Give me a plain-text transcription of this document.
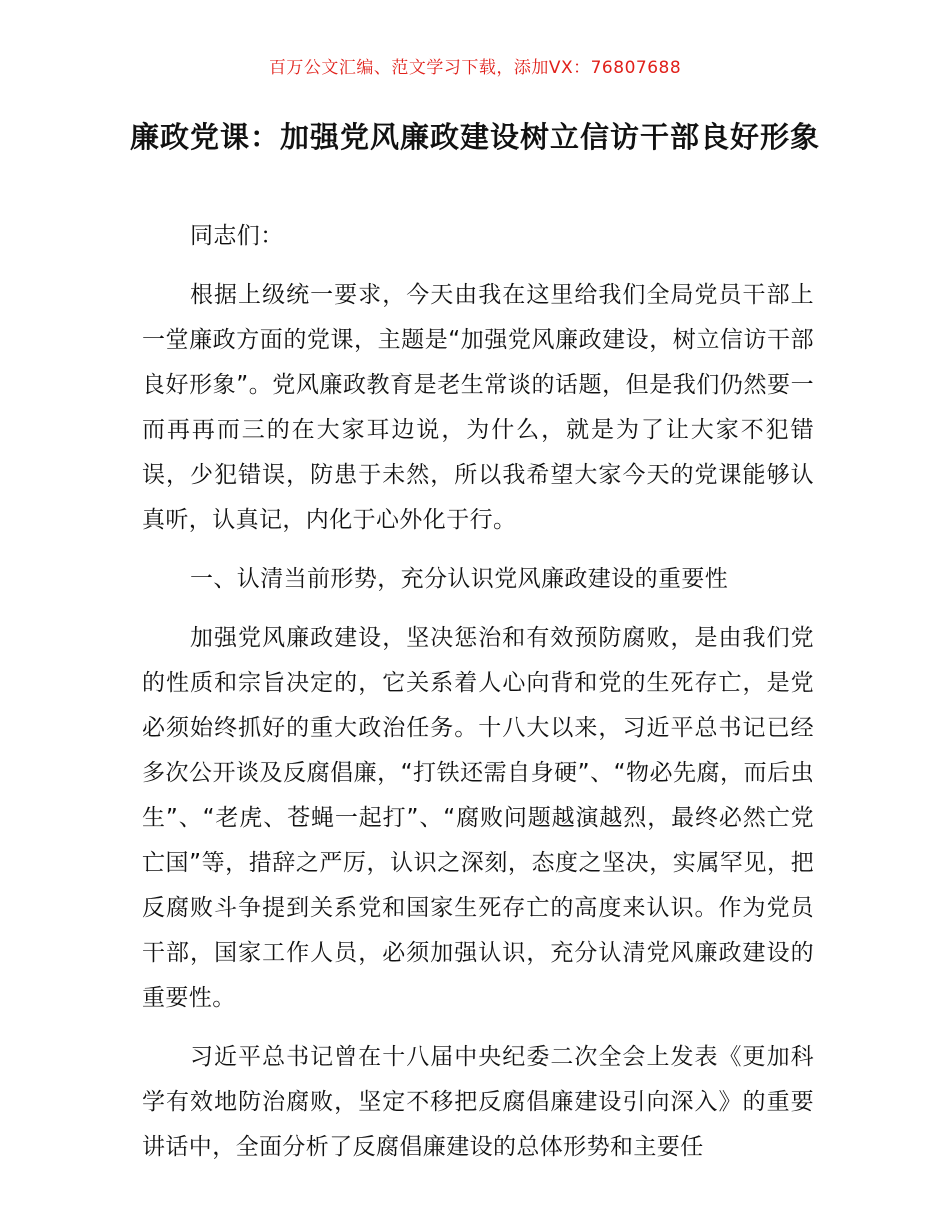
百万公文汇编、范文学习下载，添加VX：76807688
廉政党课：加强党风廉政建设树立信访干部良好形象

同志们：

根据上级统一要求，今天由我在这里给我们全局党员干部上一堂廉政方面的党课，主题是“加强党风廉政建设，树立信访干部良好形象”。党风廉政教育是老生常谈的话题，但是我们仍然要一而再再而三的在大家耳边说，为什么，就是为了让大家不犯错误，少犯错误，防患于未然，所以我希望大家今天的党课能够认真听，认真记，内化于心外化于行。

一、认清当前形势，充分认识党风廉政建设的重要性

加强党风廉政建设，坚决惩治和有效预防腐败，是由我们党的性质和宗旨决定的，它关系着人心向背和党的生死存亡，是党必须始终抓好的重大政治任务。十八大以来，习近平总书记已经多次公开谈及反腐倡廉，“打铁还需自身硬”、“物必先腐，而后虫生”、“老虎、苍蝇一起打”、“腐败问题越演越烈，最终必然亡党亡国”等，措辞之严厉，认识之深刻，态度之坚决，实属罕见，把反腐败斗争提到关系党和国家生死存亡的高度来认识。作为党员干部，国家工作人员，必须加强认识，充分认清党风廉政建设的重要性。

习近平总书记曾在十八届中央纪委二次全会上发表《更加科学有效地防治腐败，坚定不移把反腐倡廉建设引向深入》的重要讲话中，全面分析了反腐倡廉建设的总体形势和主要任
